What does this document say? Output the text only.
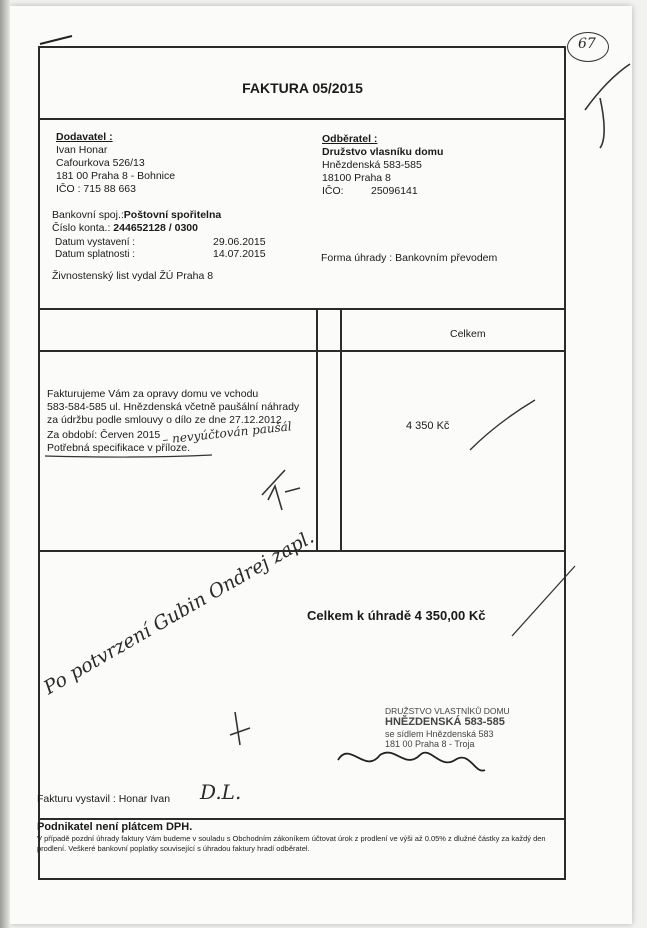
67
FAKTURA 05/2015
Dodavatel :
Ivan Honar
Cafourkova 526/13
181 00 Praha 8 - Bohnice
IČO : 715 88 663
Odběratel :
Družstvo vlasníku domu
Hnězdenská 583-585
18100 Praha 8
IČO:	25096141
Bankovní spoj.:Poštovní spořitelna
Číslo konta.: 244652128 / 0300
Datum vystavení :	29.06.2015
Datum splatnosti :	14.07.2015	Forma úhrady : Bankovním převodem
Živnostenský list vydal ŽÚ Praha 8
Celkem
Fakturujeme Vám za opravy domu ve vchodu
583-584-585 ul. Hnězdenská včetně paušální náhrady
za údržbu podle smlouvy o dílo ze dne 27.12.2012
Za období: Červen 2015
Potřebná specifikace v příloze.
4 350 Kč
Celkem k úhradě 4 350,00 Kč
DRUŽSTVO VLASTNÍKŮ DOMU
HNĚZDENSKÁ 583-585
se sídlem Hnězdenská 583
181 00 Praha 8 - Troja
Fakturu vystavil : Honar Ivan
Podnikatel není plátcem DPH.
V případě pozdní úhrady faktury Vám budeme v souladu s Obchodním zákoníkem účtovat úrok z prodlení ve výši až 0.05% z dlužné částky za každý den prodlení. Veškeré bankovní poplatky související s úhradou faktury hradí odběratel.
– nevyúčtován paušál
Po potvrzení Gubin Ondrej zapl.
D.L.
